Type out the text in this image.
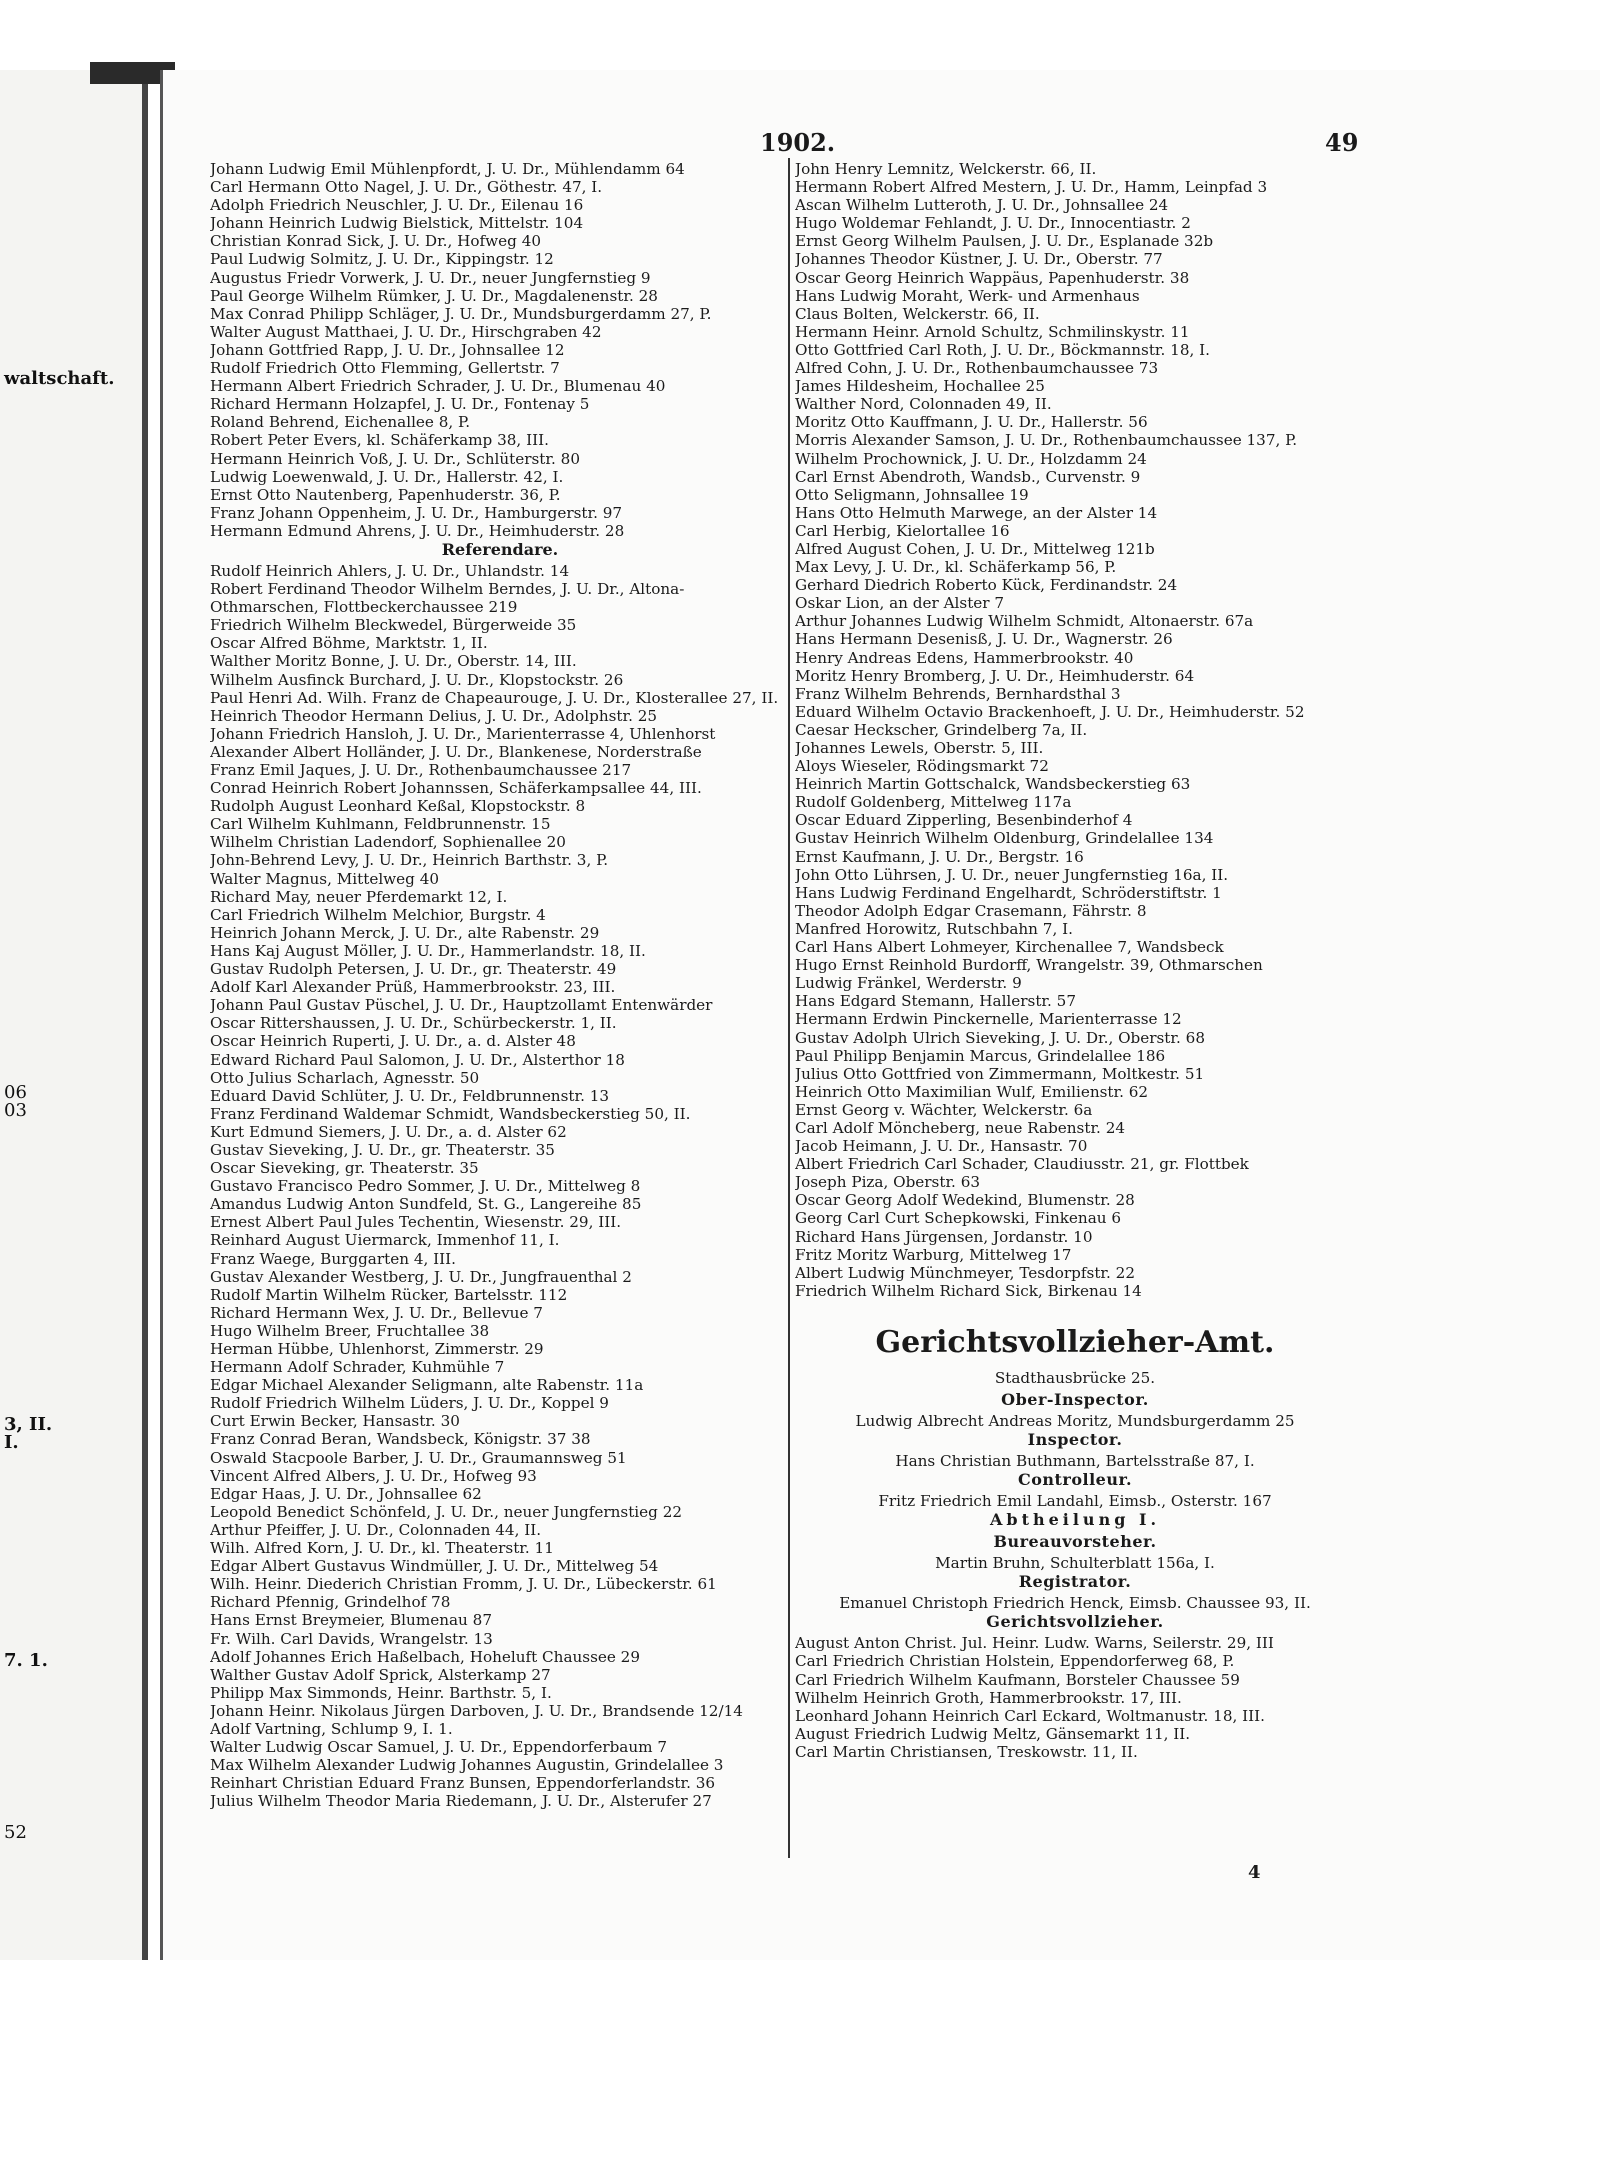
waltschaft.
06
03
3, II.
I.
7. 1.
52
1902.	49
Johann Ludwig Emil Mühlenpfordt, J. U. Dr., Mühlendamm 64
Carl Hermann Otto Nagel, J. U. Dr., Göthestr. 47, I.
Adolph Friedrich Neuschler, J. U. Dr., Eilenau 16
Johann Heinrich Ludwig Bielstick, Mittelstr. 104
Christian Konrad Sick, J. U. Dr., Hofweg 40
Paul Ludwig Solmitz, J. U. Dr., Kippingstr. 12
Augustus Friedr Vorwerk, J. U. Dr., neuer Jungfernstieg 9
Paul George Wilhelm Rümker, J. U. Dr., Magdalenenstr. 28
Max Conrad Philipp Schläger, J. U. Dr., Mundsburgerdamm 27, P.
Walter August Matthaei, J. U. Dr., Hirschgraben 42
Johann Gottfried Rapp, J. U. Dr., Johnsallee 12
Rudolf Friedrich Otto Flemming, Gellertstr. 7
Hermann Albert Friedrich Schrader, J. U. Dr., Blumenau 40
Richard Hermann Holzapfel, J. U. Dr., Fontenay 5
Roland Behrend, Eichenallee 8, P.
Robert Peter Evers, kl. Schäferkamp 38, III.
Hermann Heinrich Voß, J. U. Dr., Schlüterstr. 80
Ludwig Loewenwald, J. U. Dr., Hallerstr. 42, I.
Ernst Otto Nautenberg, Papenhuderstr. 36, P.
Franz Johann Oppenheim, J. U. Dr., Hamburgerstr. 97
Hermann Edmund Ahrens, J. U. Dr., Heimhuderstr. 28
Referendare.
Rudolf Heinrich Ahlers, J. U. Dr., Uhlandstr. 14
Robert Ferdinand Theodor Wilhelm Berndes, J. U. Dr., Altona-
Othmarschen, Flottbeckerchaussee 219
Friedrich Wilhelm Bleckwedel, Bürgerweide 35
Oscar Alfred Böhme, Marktstr. 1, II.
Walther Moritz Bonne, J. U. Dr., Oberstr. 14, III.
Wilhelm Ausfinck Burchard, J. U. Dr., Klopstockstr. 26
Paul Henri Ad. Wilh. Franz de Chapeaurouge, J. U. Dr., Klosterallee 27, II.
Heinrich Theodor Hermann Delius, J. U. Dr., Adolphstr. 25
Johann Friedrich Hansloh, J. U. Dr., Marienterrasse 4, Uhlenhorst
Alexander Albert Holländer, J. U. Dr., Blankenese, Norderstraße
Franz Emil Jaques, J. U. Dr., Rothenbaumchaussee 217
Conrad Heinrich Robert Johannssen, Schäferkampsallee 44, III.
Rudolph August Leonhard Keßal, Klopstockstr. 8
Carl Wilhelm Kuhlmann, Feldbrunnenstr. 15
Wilhelm Christian Ladendorf, Sophienallee 20
John-Behrend Levy, J. U. Dr., Heinrich Barthstr. 3, P.
Walter Magnus, Mittelweg 40
Richard May, neuer Pferdemarkt 12, I.
Carl Friedrich Wilhelm Melchior, Burgstr. 4
Heinrich Johann Merck, J. U. Dr., alte Rabenstr. 29
Hans Kaj August Möller, J. U. Dr., Hammerlandstr. 18, II.
Gustav Rudolph Petersen, J. U. Dr., gr. Theaterstr. 49
Adolf Karl Alexander Prüß, Hammerbrookstr. 23, III.
Johann Paul Gustav Püschel, J. U. Dr., Hauptzollamt Entenwärder
Oscar Rittershaussen, J. U. Dr., Schürbeckerstr. 1, II.
Oscar Heinrich Ruperti, J. U. Dr., a. d. Alster 48
Edward Richard Paul Salomon, J. U. Dr., Alsterthor 18
Otto Julius Scharlach, Agnesstr. 50
Eduard David Schlüter, J. U. Dr., Feldbrunnenstr. 13
Franz Ferdinand Waldemar Schmidt, Wandsbeckerstieg 50, II.
Kurt Edmund Siemers, J. U. Dr., a. d. Alster 62
Gustav Sieveking, J. U. Dr., gr. Theaterstr. 35
Oscar Sieveking, gr. Theaterstr. 35
Gustavo Francisco Pedro Sommer, J. U. Dr., Mittelweg 8
Amandus Ludwig Anton Sundfeld, St. G., Langereihe 85
Ernest Albert Paul Jules Techentin, Wiesenstr. 29, III.
Reinhard August Uiermarck, Immenhof 11, I.
Franz Waege, Burggarten 4, III.
Gustav Alexander Westberg, J. U. Dr., Jungfrauenthal 2
Rudolf Martin Wilhelm Rücker, Bartelsstr. 112
Richard Hermann Wex, J. U. Dr., Bellevue 7
Hugo Wilhelm Breer, Fruchtallee 38
Herman Hübbe, Uhlenhorst, Zimmerstr. 29
Hermann Adolf Schrader, Kuhmühle 7
Edgar Michael Alexander Seligmann, alte Rabenstr. 11a
Rudolf Friedrich Wilhelm Lüders, J. U. Dr., Koppel 9
Curt Erwin Becker, Hansastr. 30
Franz Conrad Beran, Wandsbeck, Königstr. 37 38
Oswald Stacpoole Barber, J. U. Dr., Graumannsweg 51
Vincent Alfred Albers, J. U. Dr., Hofweg 93
Edgar Haas, J. U. Dr., Johnsallee 62
Leopold Benedict Schönfeld, J. U. Dr., neuer Jungfernstieg 22
Arthur Pfeiffer, J. U. Dr., Colonnaden 44, II.
Wilh. Alfred Korn, J. U. Dr., kl. Theaterstr. 11
Edgar Albert Gustavus Windmüller, J. U. Dr., Mittelweg 54
Wilh. Heinr. Diederich Christian Fromm, J. U. Dr., Lübeckerstr. 61
Richard Pfennig, Grindelhof 78
Hans Ernst Breymeier, Blumenau 87
Fr. Wilh. Carl Davids, Wrangelstr. 13
Adolf Johannes Erich Haßelbach, Hoheluft Chaussee 29
Walther Gustav Adolf Sprick, Alsterkamp 27
Philipp Max Simmonds, Heinr. Barthstr. 5, I.
Johann Heinr. Nikolaus Jürgen Darboven, J. U. Dr., Brandsende 12/14
Adolf Vartning, Schlump 9, I. 1.
Walter Ludwig Oscar Samuel, J. U. Dr., Eppendorferbaum 7
Max Wilhelm Alexander Ludwig Johannes Augustin, Grindelallee 3
Reinhart Christian Eduard Franz Bunsen, Eppendorferlandstr. 36
Julius Wilhelm Theodor Maria Riedemann, J. U. Dr., Alsterufer 27
John Henry Lemnitz, Welckerstr. 66, II.
Hermann Robert Alfred Mestern, J. U. Dr., Hamm, Leinpfad 3
Ascan Wilhelm Lutteroth, J. U. Dr., Johnsallee 24
Hugo Woldemar Fehlandt, J. U. Dr., Innocentiastr. 2
Ernst Georg Wilhelm Paulsen, J. U. Dr., Esplanade 32b
Johannes Theodor Küstner, J. U. Dr., Oberstr. 77
Oscar Georg Heinrich Wappäus, Papenhuderstr. 38
Hans Ludwig Moraht, Werk- und Armenhaus
Claus Bolten, Welckerstr. 66, II.
Hermann Heinr. Arnold Schultz, Schmilinskystr. 11
Otto Gottfried Carl Roth, J. U. Dr., Böckmannstr. 18, I.
Alfred Cohn, J. U. Dr., Rothenbaumchaussee 73
James Hildesheim, Hochallee 25
Walther Nord, Colonnaden 49, II.
Moritz Otto Kauffmann, J. U. Dr., Hallerstr. 56
Morris Alexander Samson, J. U. Dr., Rothenbaumchaussee 137, P.
Wilhelm Prochownick, J. U. Dr., Holzdamm 24
Carl Ernst Abendroth, Wandsb., Curvenstr. 9
Otto Seligmann, Johnsallee 19
Hans Otto Helmuth Marwege, an der Alster 14
Carl Herbig, Kielortallee 16
Alfred August Cohen, J. U. Dr., Mittelweg 121b
Max Levy, J. U. Dr., kl. Schäferkamp 56, P.
Gerhard Diedrich Roberto Kück, Ferdinandstr. 24
Oskar Lion, an der Alster 7
Arthur Johannes Ludwig Wilhelm Schmidt, Altonaerstr. 67a
Hans Hermann Desenisß, J. U. Dr., Wagnerstr. 26
Henry Andreas Edens, Hammerbrookstr. 40
Moritz Henry Bromberg, J. U. Dr., Heimhuderstr. 64
Franz Wilhelm Behrends, Bernhardsthal 3
Eduard Wilhelm Octavio Brackenhoeft, J. U. Dr., Heimhuderstr. 52
Caesar Heckscher, Grindelberg 7a, II.
Johannes Lewels, Oberstr. 5, III.
Aloys Wieseler, Rödingsmarkt 72
Heinrich Martin Gottschalck, Wandsbeckerstieg 63
Rudolf Goldenberg, Mittelweg 117a
Oscar Eduard Zipperling, Besenbinderhof 4
Gustav Heinrich Wilhelm Oldenburg, Grindelallee 134
Ernst Kaufmann, J. U. Dr., Bergstr. 16
John Otto Lührsen, J. U. Dr., neuer Jungfernstieg 16a, II.
Hans Ludwig Ferdinand Engelhardt, Schröderstiftstr. 1
Theodor Adolph Edgar Crasemann, Fährstr. 8
Manfred Horowitz, Rutschbahn 7, I.
Carl Hans Albert Lohmeyer, Kirchenallee 7, Wandsbeck
Hugo Ernst Reinhold Burdorff, Wrangelstr. 39, Othmarschen
Ludwig Fränkel, Werderstr. 9
Hans Edgard Stemann, Hallerstr. 57
Hermann Erdwin Pinckernelle, Marienterrasse 12
Gustav Adolph Ulrich Sieveking, J. U. Dr., Oberstr. 68
Paul Philipp Benjamin Marcus, Grindelallee 186
Julius Otto Gottfried von Zimmermann, Moltkestr. 51
Heinrich Otto Maximilian Wulf, Emilienstr. 62
Ernst Georg v. Wächter, Welckerstr. 6a
Carl Adolf Möncheberg, neue Rabenstr. 24
Jacob Heimann, J. U. Dr., Hansastr. 70
Albert Friedrich Carl Schader, Claudiusstr. 21, gr. Flottbek
Joseph Piza, Oberstr. 63
Oscar Georg Adolf Wedekind, Blumenstr. 28
Georg Carl Curt Schepkowski, Finkenau 6
Richard Hans Jürgensen, Jordanstr. 10
Fritz Moritz Warburg, Mittelweg 17
Albert Ludwig Münchmeyer, Tesdorpfstr. 22
Friedrich Wilhelm Richard Sick, Birkenau 14
Gerichtsvollzieher-Amt.
Stadthausbrücke 25.
Ober-Inspector.
Ludwig Albrecht Andreas Moritz, Mundsburgerdamm 25
Inspector.
Hans Christian Buthmann, Bartelsstraße 87, I.
Controlleur.
Fritz Friedrich Emil Landahl, Eimsb., Osterstr. 167
Abtheilung I.
Bureauvorsteher.
Martin Bruhn, Schulterblatt 156a, I.
Registrator.
Emanuel Christoph Friedrich Henck, Eimsb. Chaussee 93, II.
Gerichtsvollzieher.
August Anton Christ. Jul. Heinr. Ludw. Warns, Seilerstr. 29, III
Carl Friedrich Christian Holstein, Eppendorferweg 68, P.
Carl Friedrich Wilhelm Kaufmann, Borsteler Chaussee 59
Wilhelm Heinrich Groth, Hammerbrookstr. 17, III.
Leonhard Johann Heinrich Carl Eckard, Woltmanustr. 18, III.
August Friedrich Ludwig Meltz, Gänsemarkt 11, II.
Carl Martin Christiansen, Treskowstr. 11, II.
4
